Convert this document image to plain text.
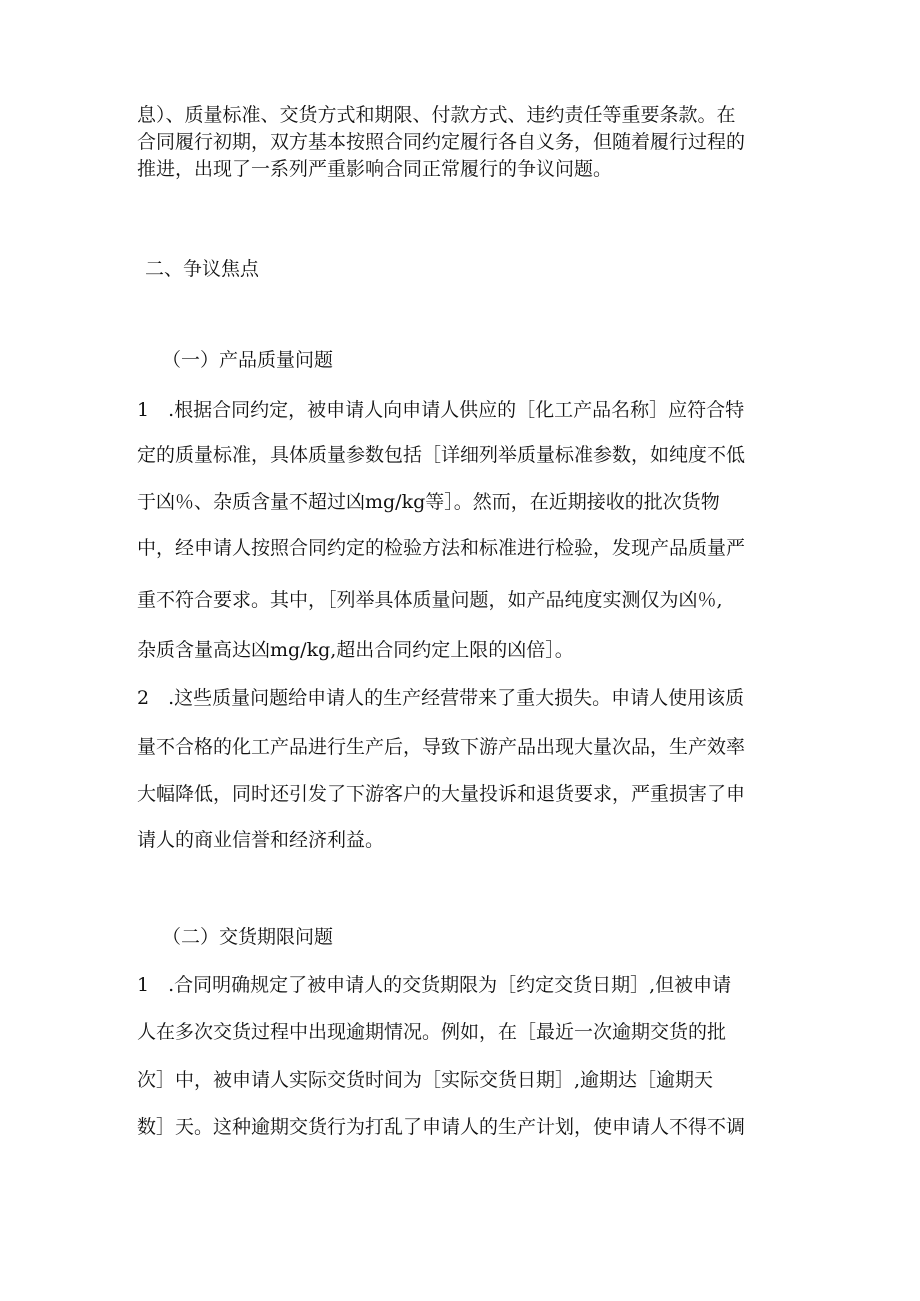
息）、质量标准、交货方式和期限、付款方式、违约责任等重要条款。在
合同履行初期，双方基本按照合同约定履行各自义务，但随着履行过程的
推进，出现了一系列严重影响合同正常履行的争议问题。
二、争议焦点
（一）产品质量问题
1　.根据合同约定，被申请人向申请人供应的［化工产品名称］应符合特
定的质量标准，具体质量参数包括［详细列举质量标准参数，如纯度不低
于凶％、杂质含量不超过凶mg/kg等］。然而，在近期接收的批次货物
中，经申请人按照合同约定的检验方法和标准进行检验，发现产品质量严
重不符合要求。其中，［列举具体质量问题，如产品纯度实测仅为凶％,
杂质含量高达凶mg/kg,超出合同约定上限的凶倍］。
2　.这些质量问题给申请人的生产经营带来了重大损失。申请人使用该质
量不合格的化工产品进行生产后，导致下游产品出现大量次品，生产效率
大幅降低，同时还引发了下游客户的大量投诉和退货要求，严重损害了申
请人的商业信誉和经济利益。
（二）交货期限问题
1　.合同明确规定了被申请人的交货期限为［约定交货日期］,但被申请
人在多次交货过程中出现逾期情况。例如，在［最近一次逾期交货的批
次］中，被申请人实际交货时间为［实际交货日期］,逾期达［逾期天
数］天。这种逾期交货行为打乱了申请人的生产计划，使申请人不得不调
